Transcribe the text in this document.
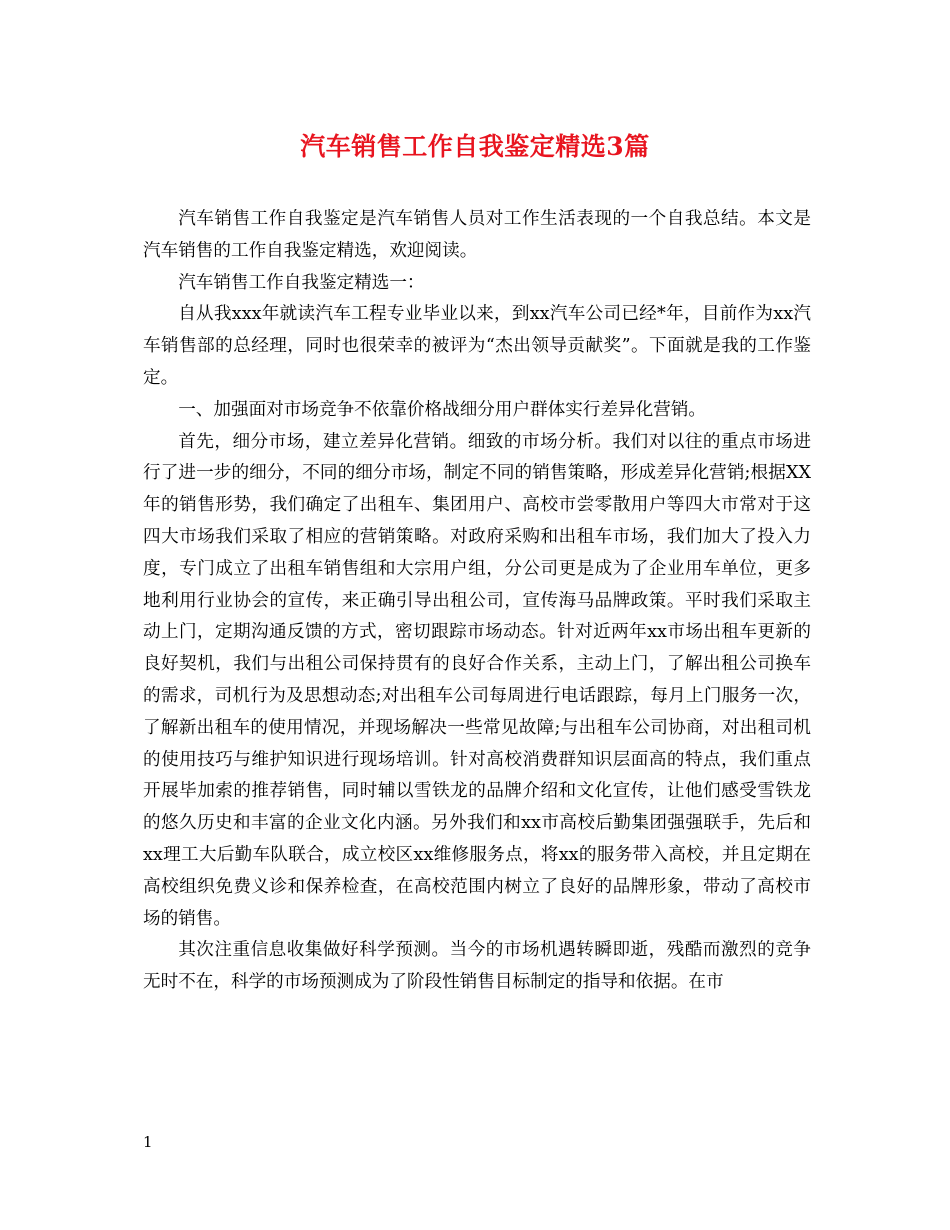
汽车销售工作自我鉴定精选3篇

汽车销售工作自我鉴定是汽车销售人员对工作生活表现的一个自我总结。本文是汽车销售的工作自我鉴定精选，欢迎阅读。

汽车销售工作自我鉴定精选一：

自从我xxx年就读汽车工程专业毕业以来，到xx汽车公司已经*年，目前作为xx汽车销售部的总经理，同时也很荣幸的被评为“杰出领导贡献奖”。下面就是我的工作鉴定。

一、加强面对市场竞争不依靠价格战细分用户群体实行差异化营销。

首先，细分市场，建立差异化营销。细致的市场分析。我们对以往的重点市场进行了进一步的细分，不同的细分市场，制定不同的销售策略，形成差异化营销;根据XX年的销售形势，我们确定了出租车、集团用户、高校市尝零散用户等四大市常对于这四大市场我们采取了相应的营销策略。对政府采购和出租车市场，我们加大了投入力度，专门成立了出租车销售组和大宗用户组，分公司更是成为了企业用车单位，更多地利用行业协会的宣传，来正确引导出租公司，宣传海马品牌政策。平时我们采取主动上门，定期沟通反馈的方式，密切跟踪市场动态。针对近两年xx市场出租车更新的良好契机，我们与出租公司保持贯有的良好合作关系，主动上门，了解出租公司换车的需求，司机行为及思想动态;对出租车公司每周进行电话跟踪，每月上门服务一次，了解新出租车的使用情况，并现场解决一些常见故障;与出租车公司协商，对出租司机的使用技巧与维护知识进行现场培训。针对高校消费群知识层面高的特点，我们重点开展毕加索的推荐销售，同时辅以雪铁龙的品牌介绍和文化宣传，让他们感受雪铁龙的悠久历史和丰富的企业文化内涵。另外我们和xx市高校后勤集团强强联手，先后和xx理工大后勤车队联合，成立校区xx维修服务点，将xx的服务带入高校，并且定期在高校组织免费义诊和保养检查，在高校范围内树立了良好的品牌形象，带动了高校市场的销售。

其次注重信息收集做好科学预测。当今的市场机遇转瞬即逝，残酷而激烈的竞争无时不在，科学的市场预测成为了阶段性销售目标制定的指导和依据。在市

1
